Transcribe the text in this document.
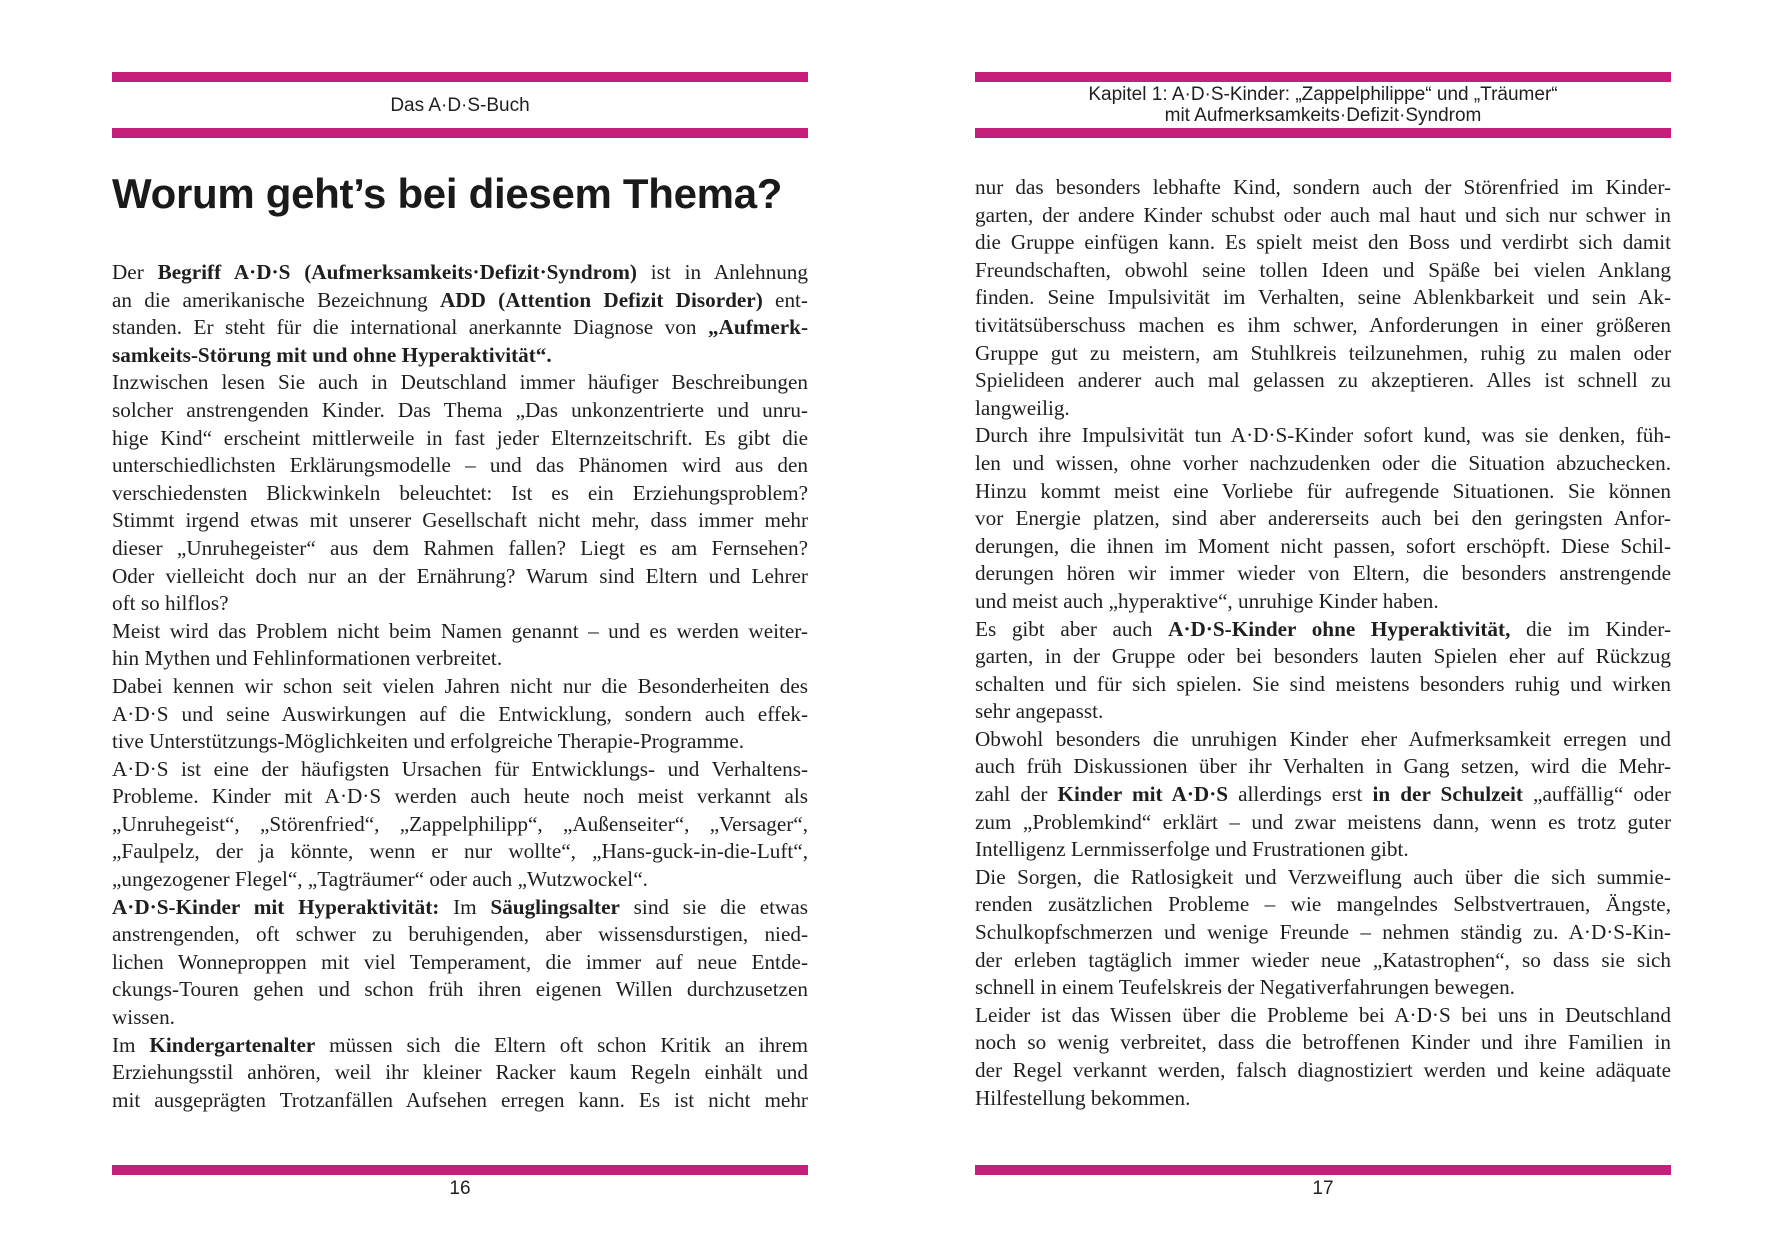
Das A·D·S-Buch
Worum geht’s bei diesem Thema?
Der Begriff A·D·S (Aufmerksamkeits·Defizit·Syndrom) ist in Anlehnung
an die amerikanische Bezeichnung ADD (Attention Defizit Disorder) ent-
standen. Er steht für die international anerkannte Diagnose von „Aufmerk-
samkeits-Störung mit und ohne Hyperaktivität“.
Inzwischen lesen Sie auch in Deutschland immer häufiger Beschreibungen
solcher anstrengenden Kinder. Das Thema „Das unkonzentrierte und unru-
hige Kind“ erscheint mittlerweile in fast jeder Elternzeitschrift. Es gibt die
unterschiedlichsten Erklärungsmodelle – und das Phänomen wird aus den
verschiedensten Blickwinkeln beleuchtet: Ist es ein Erziehungsproblem?
Stimmt irgend etwas mit unserer Gesellschaft nicht mehr, dass immer mehr
dieser „Unruhegeister“ aus dem Rahmen fallen? Liegt es am Fernsehen?
Oder vielleicht doch nur an der Ernährung? Warum sind Eltern und Lehrer
oft so hilflos?
Meist wird das Problem nicht beim Namen genannt – und es werden weiter-
hin Mythen und Fehlinformationen verbreitet.
Dabei kennen wir schon seit vielen Jahren nicht nur die Besonderheiten des
A·D·S und seine Auswirkungen auf die Entwicklung, sondern auch effek-
tive Unterstützungs-Möglichkeiten und erfolgreiche Therapie-Programme.
A·D·S ist eine der häufigsten Ursachen für Entwicklungs- und Verhaltens-
Probleme. Kinder mit A·D·S werden auch heute noch meist verkannt als
„Unruhegeist“, „Störenfried“, „Zappelphilipp“, „Außenseiter“, „Versager“,
„Faulpelz, der ja könnte, wenn er nur wollte“, „Hans-guck-in-die-Luft“,
„ungezogener Flegel“, „Tagträumer“ oder auch „Wutzwockel“.
A·D·S-Kinder mit Hyperaktivität: Im Säuglingsalter sind sie die etwas
anstrengenden, oft schwer zu beruhigenden, aber wissensdurstigen, nied-
lichen Wonneproppen mit viel Temperament, die immer auf neue Entde-
ckungs-Touren gehen und schon früh ihren eigenen Willen durchzusetzen
wissen.
Im Kindergartenalter müssen sich die Eltern oft schon Kritik an ihrem
Erziehungsstil anhören, weil ihr kleiner Racker kaum Regeln einhält und
mit ausgeprägten Trotzanfällen Aufsehen erregen kann. Es ist nicht mehr
16
Kapitel 1: A·D·S-Kinder: „Zappelphilippe“ und „Träumer“
mit Aufmerksamkeits·Defizit·Syndrom
nur das besonders lebhafte Kind, sondern auch der Störenfried im Kinder-
garten, der andere Kinder schubst oder auch mal haut und sich nur schwer in
die Gruppe einfügen kann. Es spielt meist den Boss und verdirbt sich damit
Freundschaften, obwohl seine tollen Ideen und Späße bei vielen Anklang
finden. Seine Impulsivität im Verhalten, seine Ablenkbarkeit und sein Ak-
tivitätsüberschuss machen es ihm schwer, Anforderungen in einer größeren
Gruppe gut zu meistern, am Stuhlkreis teilzunehmen, ruhig zu malen oder
Spielideen anderer auch mal gelassen zu akzeptieren. Alles ist schnell zu
langweilig.
Durch ihre Impulsivität tun A·D·S-Kinder sofort kund, was sie denken, füh-
len und wissen, ohne vorher nachzudenken oder die Situation abzuchecken.
Hinzu kommt meist eine Vorliebe für aufregende Situationen. Sie können
vor Energie platzen, sind aber andererseits auch bei den geringsten Anfor-
derungen, die ihnen im Moment nicht passen, sofort erschöpft. Diese Schil-
derungen hören wir immer wieder von Eltern, die besonders anstrengende
und meist auch „hyperaktive“, unruhige Kinder haben.
Es gibt aber auch A·D·S-Kinder ohne Hyperaktivität, die im Kinder-
garten, in der Gruppe oder bei besonders lauten Spielen eher auf Rückzug
schalten und für sich spielen. Sie sind meistens besonders ruhig und wirken
sehr angepasst.
Obwohl besonders die unruhigen Kinder eher Aufmerksamkeit erregen und
auch früh Diskussionen über ihr Verhalten in Gang setzen, wird die Mehr-
zahl der Kinder mit A·D·S allerdings erst in der Schulzeit „auffällig“ oder
zum „Problemkind“ erklärt – und zwar meistens dann, wenn es trotz guter
Intelligenz Lernmisserfolge und Frustrationen gibt.
Die Sorgen, die Ratlosigkeit und Verzweiflung auch über die sich summie-
renden zusätzlichen Probleme – wie mangelndes Selbstvertrauen, Ängste,
Schulkopfschmerzen und wenige Freunde – nehmen ständig zu. A·D·S-Kin-
der erleben tagtäglich immer wieder neue „Katastrophen“, so dass sie sich
schnell in einem Teufelskreis der Negativerfahrungen bewegen.
Leider ist das Wissen über die Probleme bei A·D·S bei uns in Deutschland
noch so wenig verbreitet, dass die betroffenen Kinder und ihre Familien in
der Regel verkannt werden, falsch diagnostiziert werden und keine adäquate
Hilfestellung bekommen.
17
